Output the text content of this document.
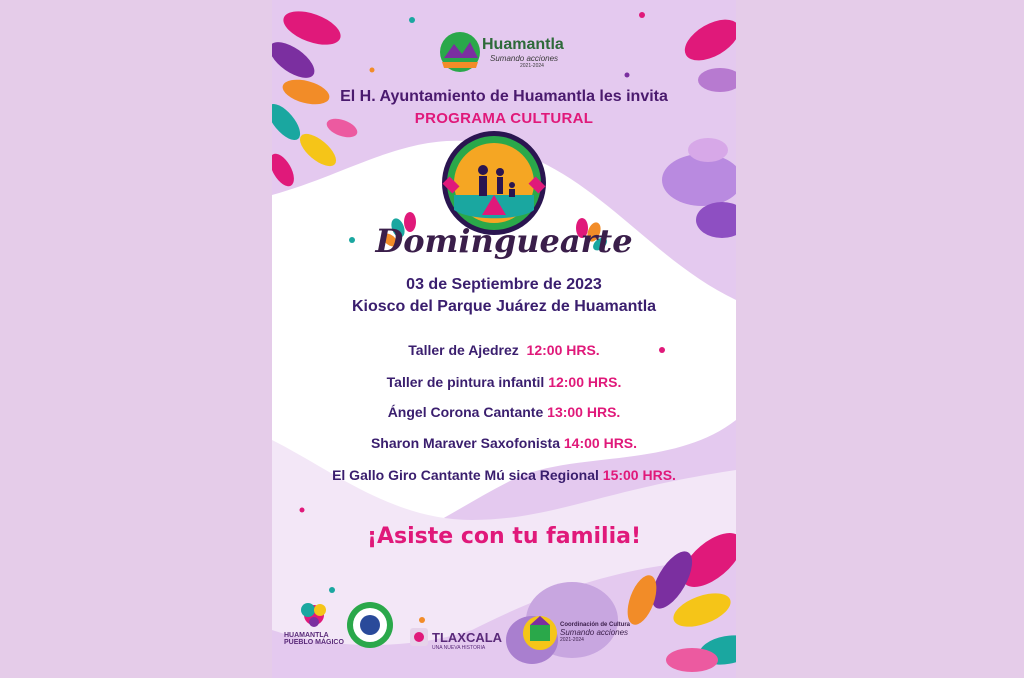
Huamantla
Sumando acciones
2021-2024
El H. Ayuntamiento de Huamantla les invita
PROGRAMA CULTURAL
Dominguearte
03 de Septiembre de 2023
Kiosco del Parque Juárez de Huamantla
Taller de Ajedrez 12:00 HRS.
Taller de pintura infantil 12:00 HRS.
Ángel Corona Cantante 13:00 HRS.
Sharon Maraver Saxofonista 14:00 HRS.
El Gallo Giro Cantante Mú sica Regional 15:00 HRS.
¡Asiste con tu familia!
HUAMANTLA
PUEBLO MÁGICO	TLAXCALA
UNA NUEVA HISTORIA
Coordinación de Cultura
Sumando acciones
2021-2024
